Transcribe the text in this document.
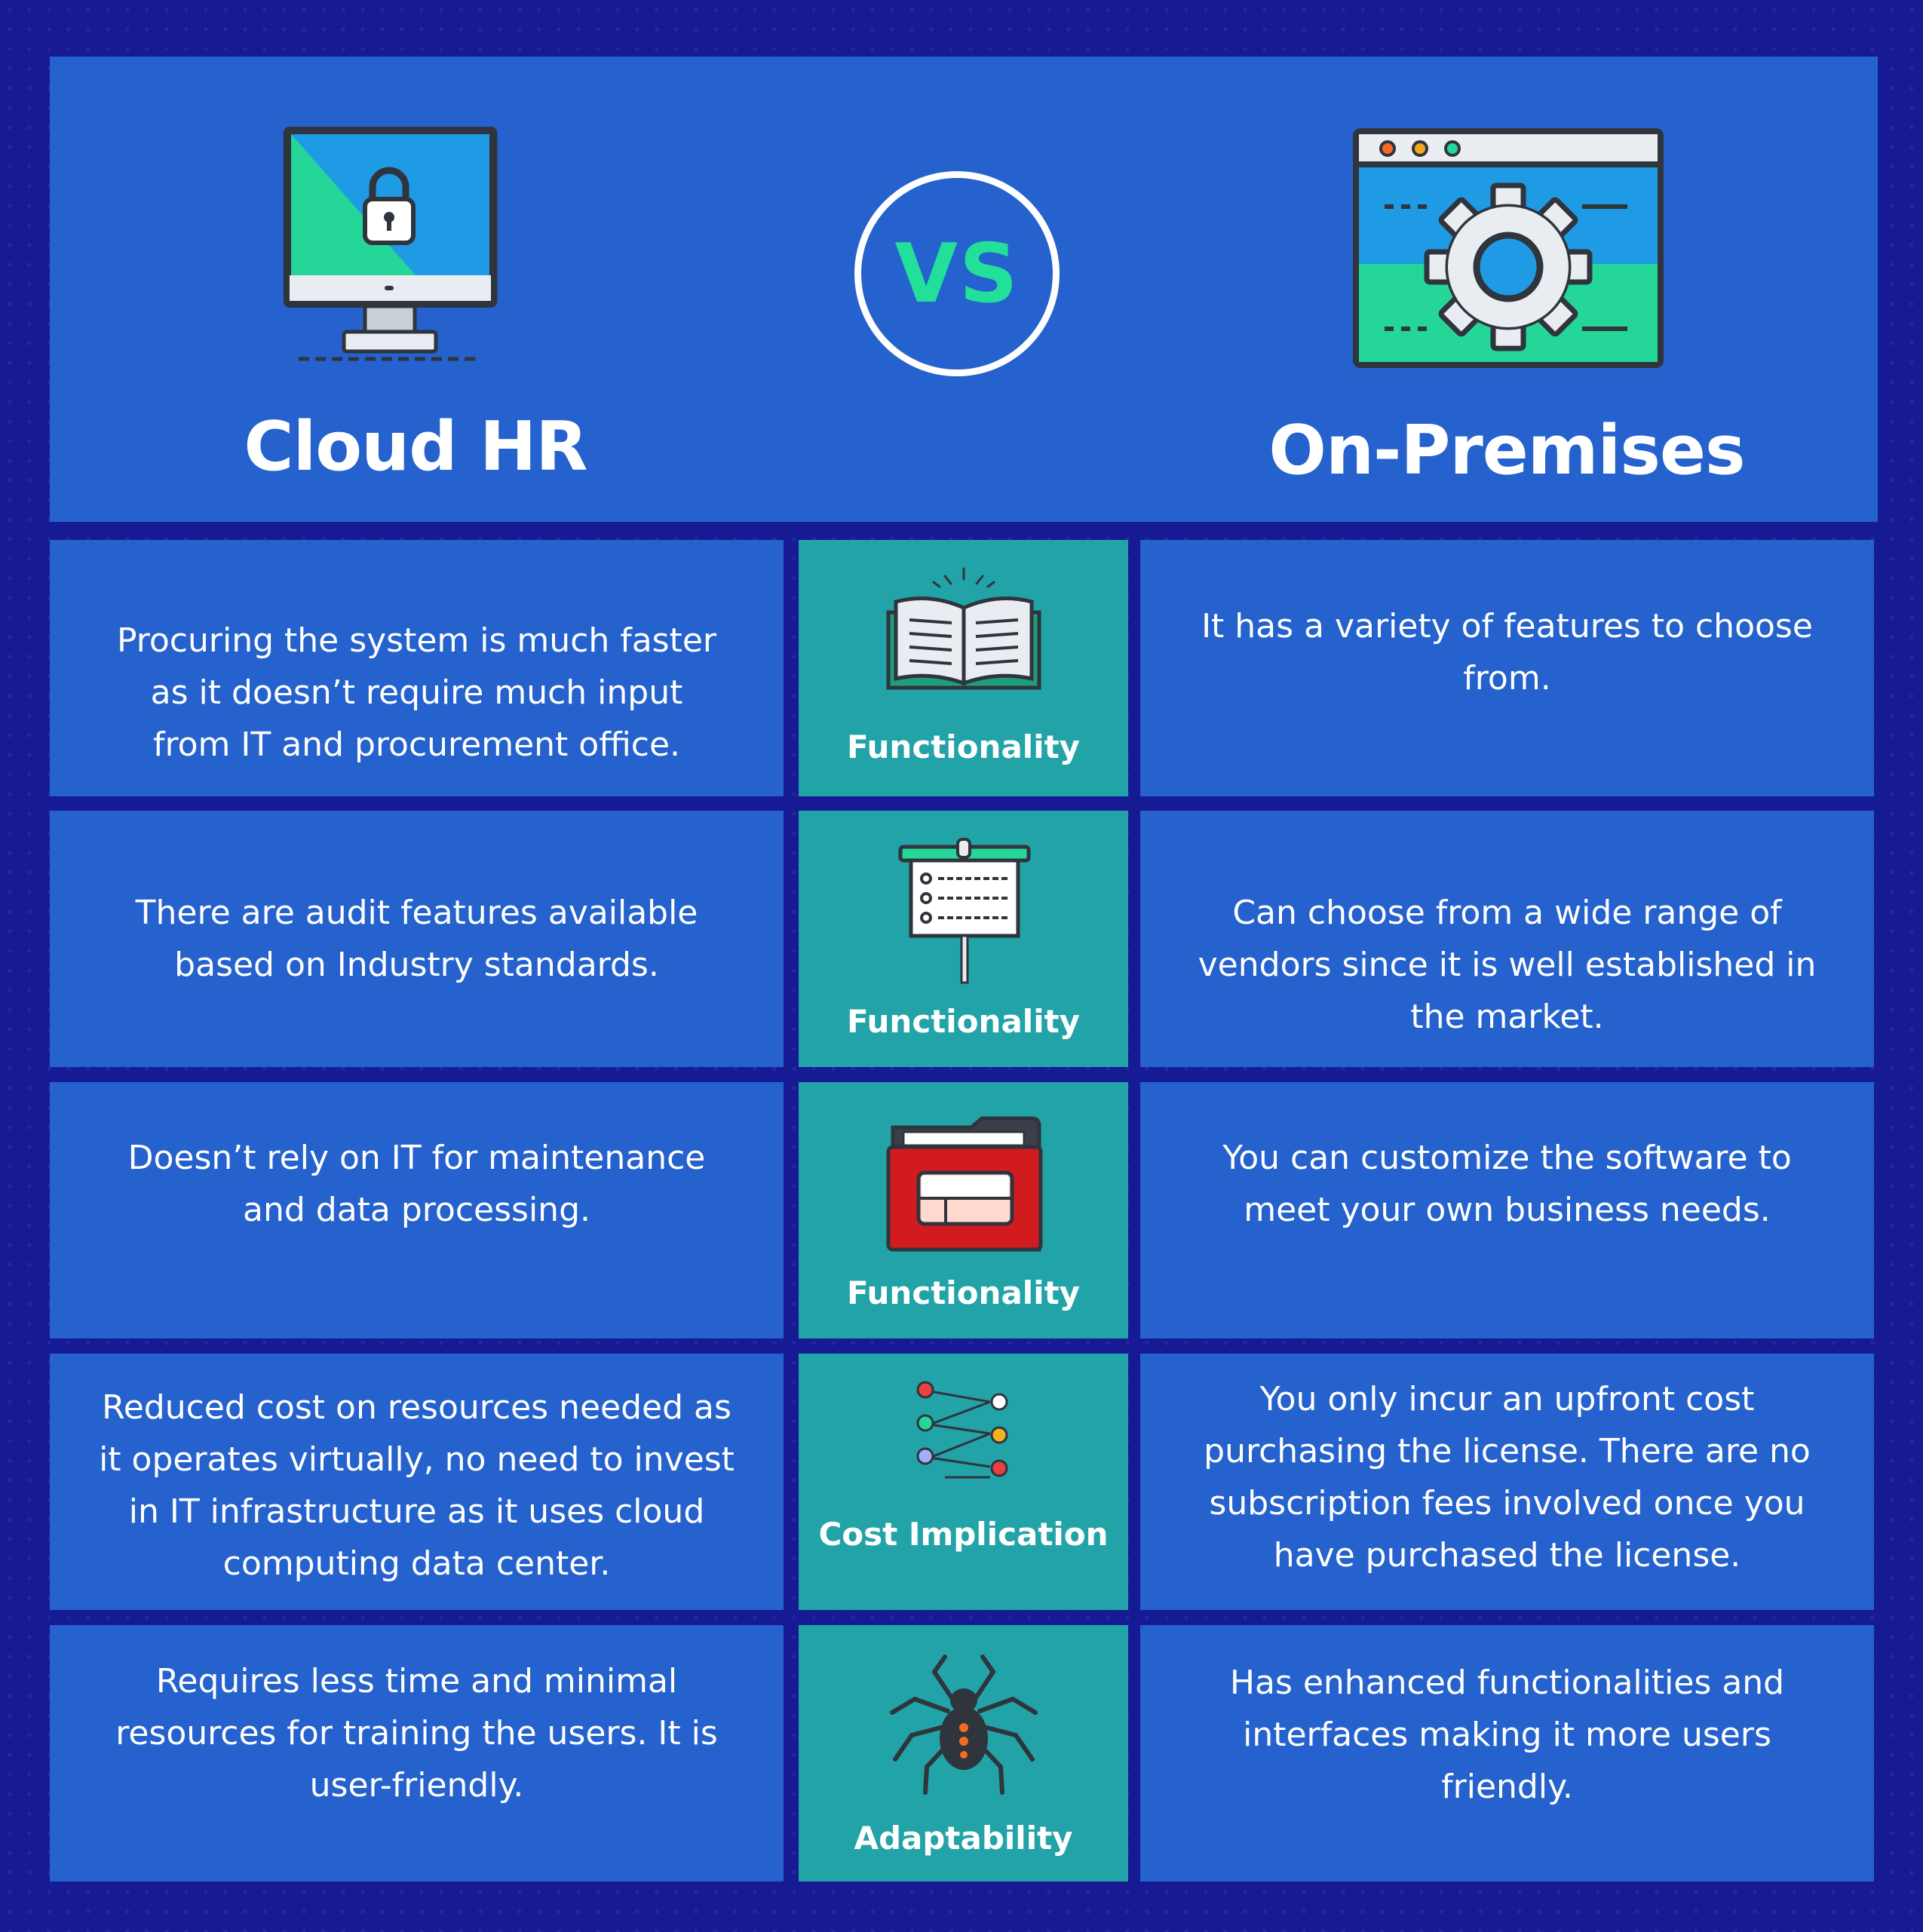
Cloud HR
VS
On-Premises
Procuring the system is much faster
as it doesn’t require much input
from IT and procurement office.	Functionality
It has a variety of features to choose
from.
There are audit features available
based on Industry standards.
Functionality
Can choose from a wide range of
vendors since it is well established in
the market.
Doesn’t rely on IT for maintenance
and data processing.
Functionality
You can customize the software to
meet your own business needs.
Reduced cost on resources needed as
it operates virtually, no need to invest
in IT infrastructure as it uses cloud
computing data center.
Cost Implication
You only incur an upfront cost
purchasing the license. There are no
subscription fees involved once you
have purchased the license.
Requires less time and minimal
resources for training the users. It is
user-friendly.
Adaptability
Has enhanced functionalities and
interfaces making it more users
friendly.
